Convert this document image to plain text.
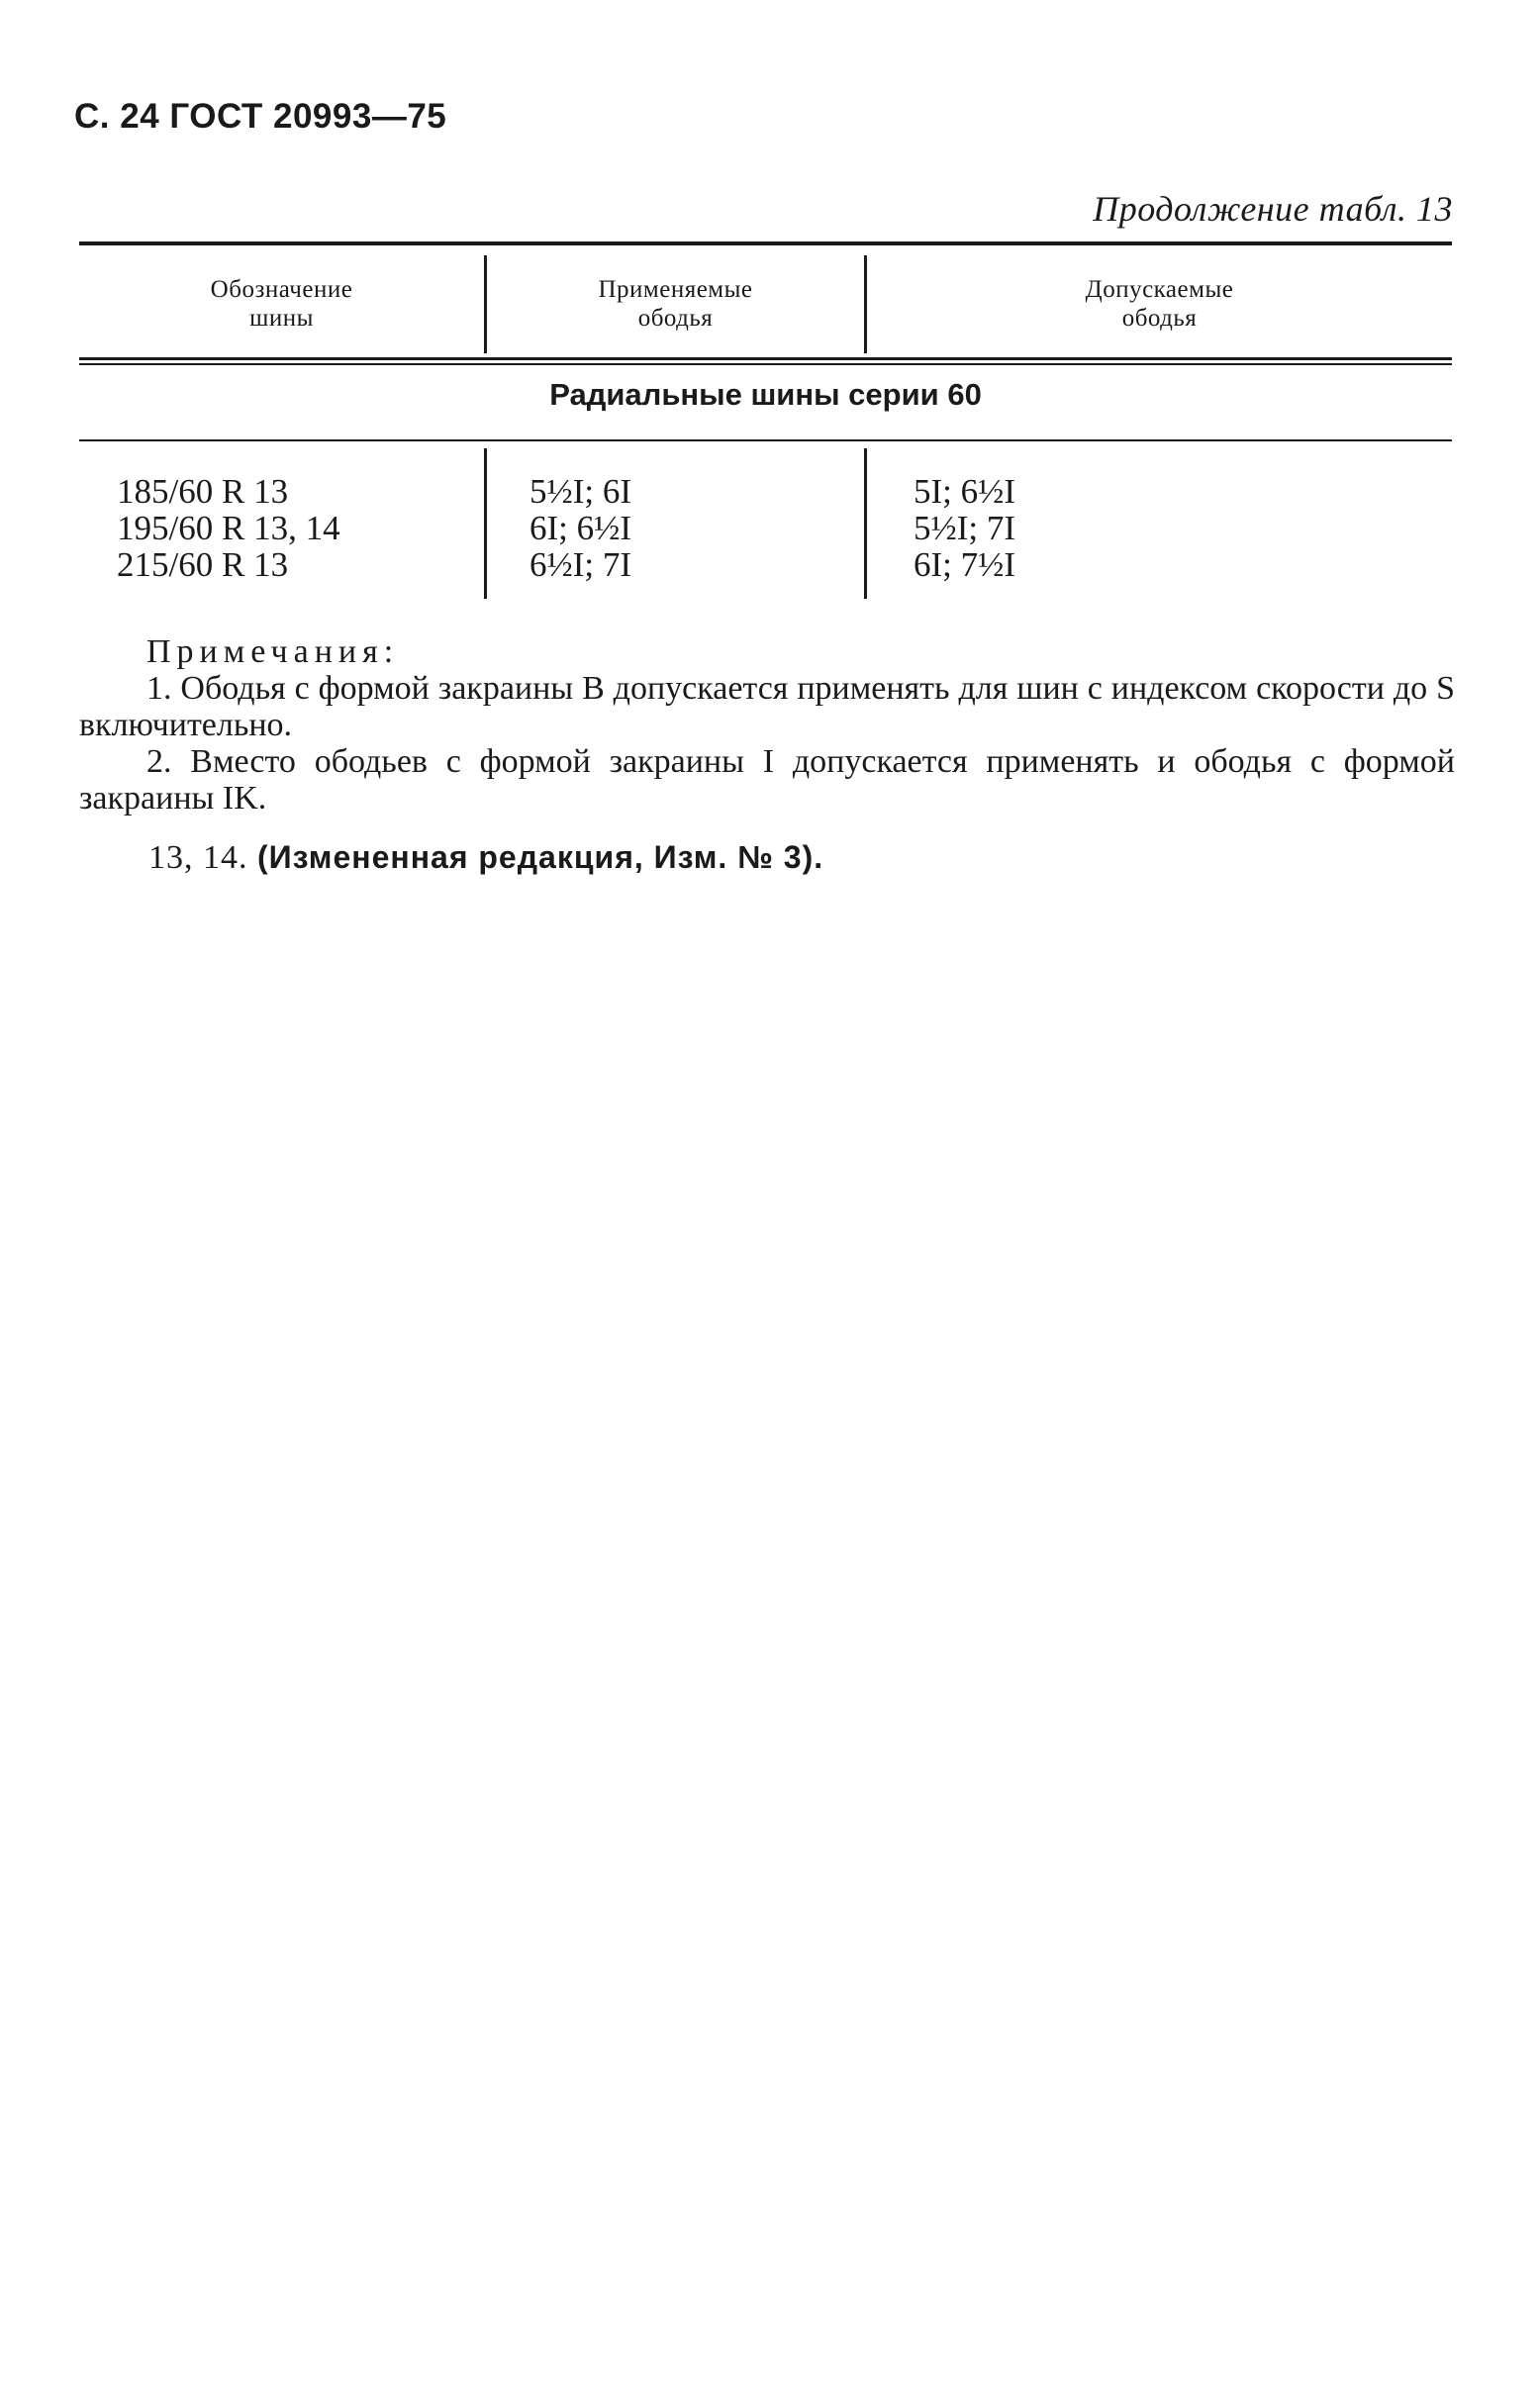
С. 24 ГОСТ 20993—75
Продолжение табл. 13
Обозначение
шины
Применяемые
ободья
Допускаемые
ободья
Радиальные шины серии 60
185/60 R 13
195/60 R 13, 14
215/60 R 13
5½I; 6I
6I; 6½I
6½I; 7I
5I; 6½I
5½I; 7I
6I; 7½I

Примечания:

1. Ободья с формой закраины В допускается применять для шин с индексом скорости до S включительно.

2. Вместо ободьев с формой закраины I допускается применять и ободья с формой закраины IK.

13, 14. (Измененная редакция, Изм. № 3).
